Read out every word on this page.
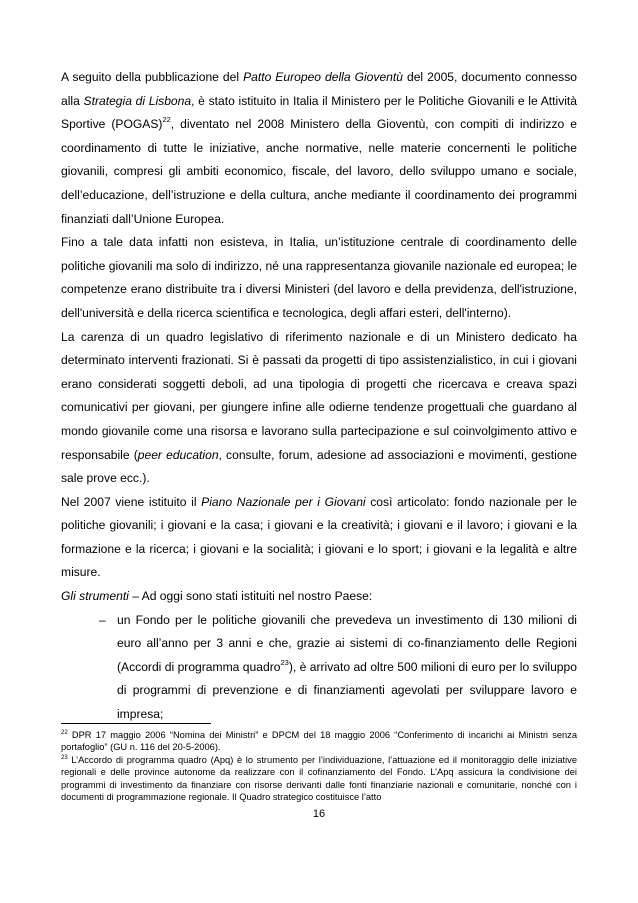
A seguito della pubblicazione del Patto Europeo della Gioventù del 2005, documento connesso alla Strategia di Lisbona, è stato istituito in Italia il Ministero per le Politiche Giovanili e le Attività Sportive (POGAS)$^{22}$, diventato nel 2008 Ministero della Gioventù, con compiti di indirizzo e coordinamento di tutte le iniziative, anche normative, nelle materie concernenti le politiche giovanili, compresi gli ambiti economico, fiscale, del lavoro, dello sviluppo umano e sociale, dell’educazione, dell’istruzione e della cultura, anche mediante il coordinamento dei programmi finanziati dall’Unione Europea.

Fino a tale data infatti non esisteva, in Italia, un’istituzione centrale di coordinamento delle politiche giovanili ma solo di indirizzo, né una rappresentanza giovanile nazionale ed europea; le competenze erano distribuite tra i diversi Ministeri (del lavoro e della previdenza, dell'istruzione, dell'università e della ricerca scientifica e tecnologica, degli affari esteri, dell'interno).

La carenza di un quadro legislativo di riferimento nazionale e di un Ministero dedicato ha determinato interventi frazionati. Si è passati da progetti di tipo assistenzialistico, in cui i giovani erano considerati soggetti deboli, ad una tipologia di progetti che ricercava e creava spazi comunicativi per giovani, per giungere infine alle odierne tendenze progettuali che guardano al mondo giovanile come una risorsa e lavorano sulla partecipazione e sul coinvolgimento attivo e responsabile (peer education, consulte, forum, adesione ad associazioni e movimenti, gestione sale prove ecc.).

Nel 2007 viene istituito il Piano Nazionale per i Giovani così articolato: fondo nazionale per le politiche giovanili; i giovani e la casa; i giovani e la creatività; i giovani e il lavoro; i giovani e la formazione e la ricerca; i giovani e la socialità; i giovani e lo sport; i giovani e la legalità e altre misure.

Gli strumenti – Ad oggi sono stati istituiti nel nostro Paese:

– un Fondo per le politiche giovanili che prevedeva un investimento di 130 milioni di euro all’anno per 3 anni e che, grazie ai sistemi di co-finanziamento delle Regioni (Accordi di programma quadro$^{23}$), è arrivato ad oltre 500 milioni di euro per lo sviluppo di programmi di prevenzione e di finanziamenti agevolati per sviluppare lavoro e impresa;

$^{22}$ DPR 17 maggio 2006 “Nomina dei Ministri” e DPCM del 18 maggio 2006 “Conferimento di incarichi ai Ministri senza portafoglio” (GU n. 116 del 20-5-2006).

$^{23}$ L’Accordo di programma quadro (Apq) è lo strumento per l’individuazione, l’attuazione ed il monitoraggio delle iniziative regionali e delle province autonome da realizzare con il cofinanziamento del Fondo. L’Apq assicura la condivisione dei programmi di investimento da finanziare con risorse derivanti dalle fonti finanziarie nazionali e comunitarie, nonché con i documenti di programmazione regionale. Il Quadro strategico costituisce l’atto

16
